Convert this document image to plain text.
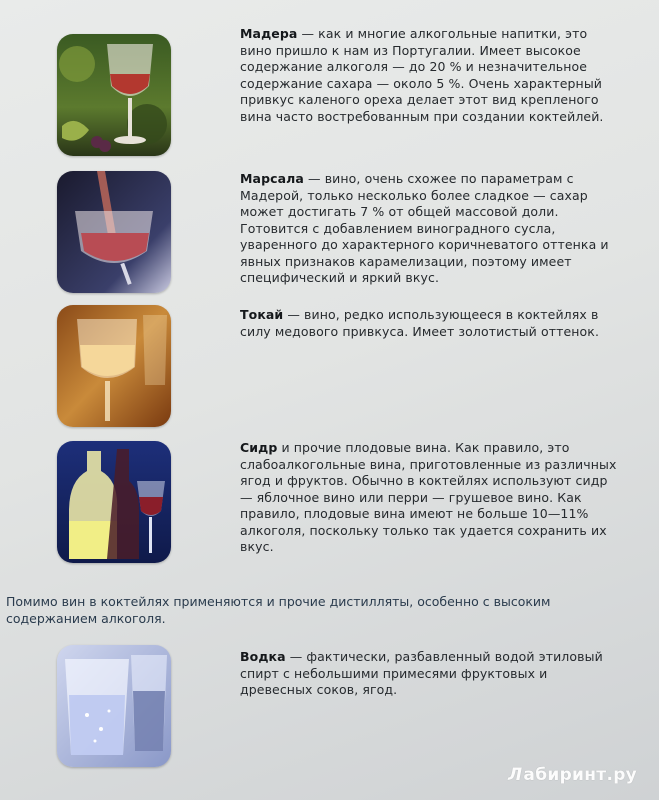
Мадера — как и многие алкогольные напитки, это вино пришло к нам из Португалии. Имеет высокое содержание алкоголя — до 20 % и незначительное содержание сахара — около 5 %. Очень характерный привкус каленого ореха делает этот вид крепленого вина часто востребованным при создании коктейлей.
Марсала — вино, очень схожее по параметрам с Мадерой, только несколько более сладкое — сахар может достигать 7 % от общей массовой доли. Готовится с добавлением виноградного сусла, уваренного до характерного коричневатого оттенка и явных признаков карамелизации, поэтому имеет специфический и яркий вкус.
Токай — вино, редко использующееся в коктейлях в силу медового привкуса. Имеет золотистый оттенок.
Сидр и прочие плодовые вина. Как правило, это слабоалкогольные вина, приготовленные из различных ягод и фруктов. Обычно в коктейлях используют сидр — яблочное вино или перри — грушевое вино. Как правило, плодовые вина имеют не больше 10—11% алкоголя, поскольку только так удается сохранить их вкус.
Помимо вин в коктейлях применяются и прочие дистилляты, особенно с высоким содержанием алкоголя.
Водка — фактически, разбавленный водой этиловый спирт с небольшими примесями фруктовых и древесных соков, ягод.
Лабиринт.ру
